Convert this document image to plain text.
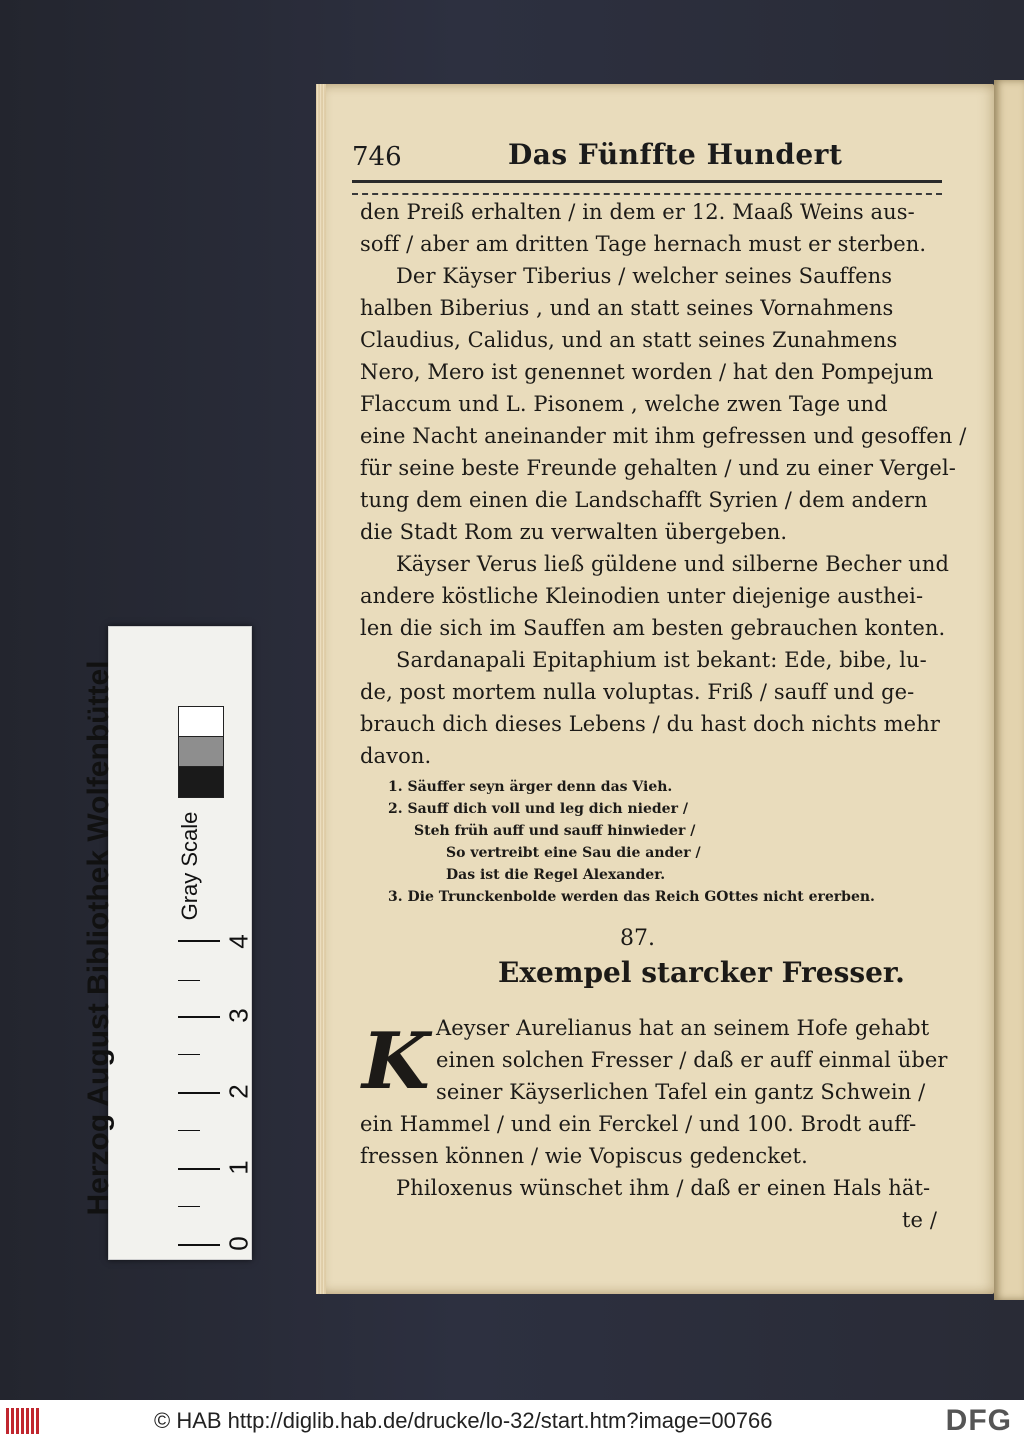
Herzog August Bibliothek Wolfenbüttel	Gray Scale
0
1
2
3
4
746	Das Fünffte Hundert
den Preiß erhalten / in dem er 12. Maaß Weins aus-
soff / aber am dritten Tage hernach must er sterben.
Der Käyser Tiberius / welcher seines Sauffens
halben Biberius , und an statt seines Vornahmens
Claudius, Calidus, und an statt seines Zunahmens
Nero, Mero ist genennet worden / hat den Pompejum
Flaccum und L. Pisonem , welche zwen Tage und
eine Nacht aneinander mit ihm gefressen und gesoffen /
für seine beste Freunde gehalten / und zu einer Vergel-
tung dem einen die Landschafft Syrien / dem andern
die Stadt Rom zu verwalten übergeben.
Käyser Verus ließ güldene und silberne Becher und
andere köstliche Kleinodien unter diejenige austhei-
len die sich im Sauffen am besten gebrauchen konten.
Sardanapali Epitaphium ist bekant: Ede, bibe, lu-
de, post mortem nulla voluptas. Friß / sauff und ge-
brauch dich dieses Lebens / du hast doch nichts mehr
davon.
1. Säuffer seyn ärger denn das Vieh.
2. Sauff dich voll und leg dich nieder /
Steh früh auff und sauff hinwieder /
So vertreibt eine Sau die ander /
Das ist die Regel Alexander.
3. Die Trunckenbolde werden das Reich GOttes nicht ererben.
87.
Exempel starcker Fresser.
K Aeyser Aurelianus hat an seinem Hofe gehabt
einen solchen Fresser / daß er auff einmal über
seiner Käyserlichen Tafel ein gantz Schwein /
ein Hammel / und ein Ferckel / und 100. Brodt auff-
fressen können / wie Vopiscus gedencket.
Philoxenus wünschet ihm / daß er einen Hals hät-
te /
© HAB http://diglib.hab.de/drucke/lo-32/start.htm?image=00766	DFG
